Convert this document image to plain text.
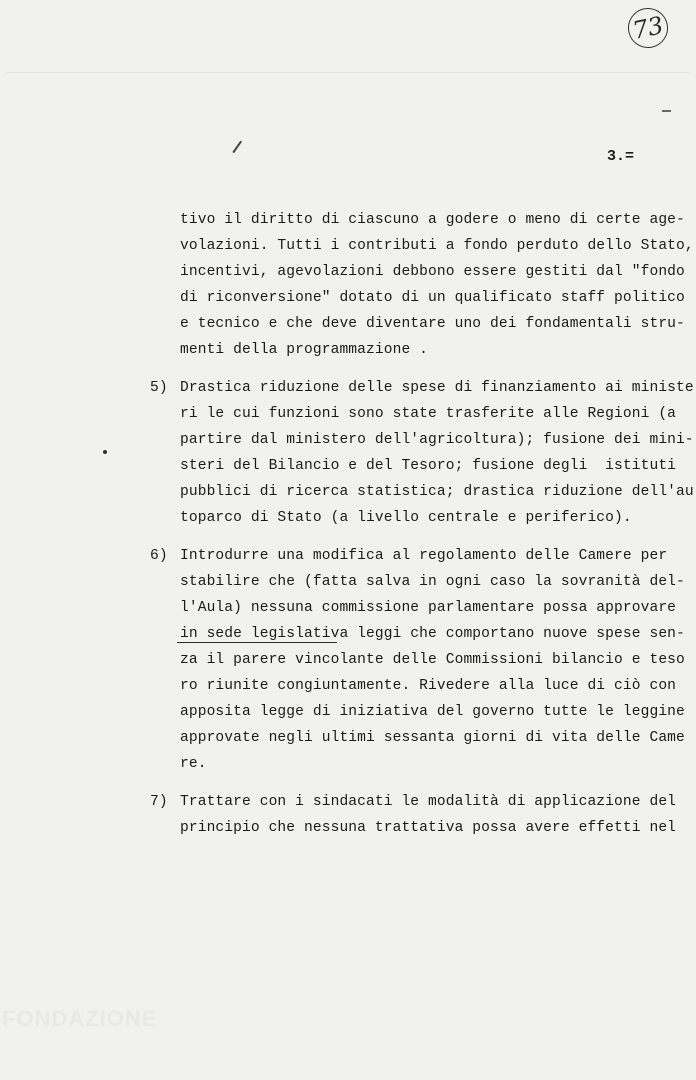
73
3.=
tivo il diritto di ciascuno a godere o meno di certe age-
volazioni. Tutti i contributi a fondo perduto dello Stato,
incentivi, agevolazioni debbono essere gestiti dal "fondo
di riconversione" dotato di un qualificato staff politico
e tecnico e che deve diventare uno dei fondamentali stru-
menti della programmazione .
5) Drastica riduzione delle spese di finanziamento ai ministe
ri le cui funzioni sono state trasferite alle Regioni (a
partire dal ministero dell'agricoltura); fusione dei mini-
steri del Bilancio e del Tesoro; fusione degli  istituti
pubblici di ricerca statistica; drastica riduzione dell'au
toparco di Stato (a livello centrale e periferico).
6) Introdurre una modifica al regolamento delle Camere per
stabilire che (fatta salva in ogni caso la sovranità del-
l'Aula) nessuna commissione parlamentare possa approvare
in sede legislativa leggi che comportano nuove spese sen-
za il parere vincolante delle Commissioni bilancio e teso
ro riunite congiuntamente. Rivedere alla luce di ciò con
apposita legge di iniziativa del governo tutte le leggine
approvate negli ultimi sessanta giorni di vita delle Came
re.
7) Trattare con i sindacati le modalità di applicazione del
principio che nessuna trattativa possa avere effetti nel
